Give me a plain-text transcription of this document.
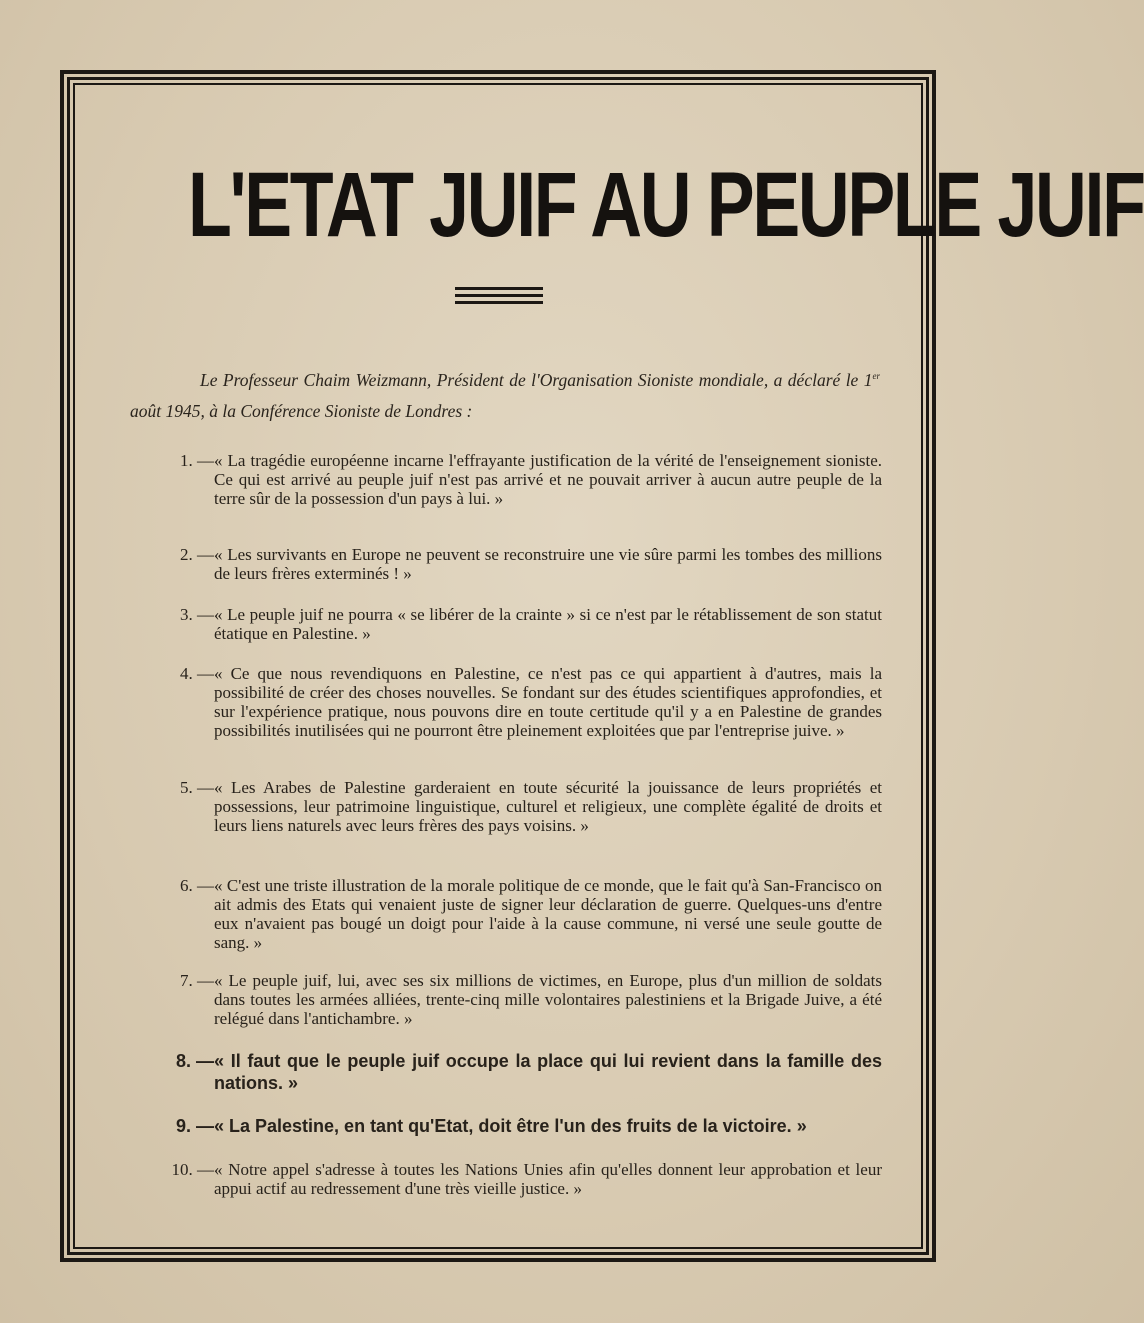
L'ETAT JUIF AU PEUPLE JUIF

Le Professeur Chaim Weizmann, Président de l'Organisation Sioniste mondiale, a déclaré le 1er août 1945, à la Conférence Sioniste de Londres :

1. — « La tragédie européenne incarne l'effrayante justification de la vérité de l'enseignement sioniste. Ce qui est arrivé au peuple juif n'est pas arrivé et ne pouvait arriver à aucun autre peuple de la terre sûr de la possession d'un pays à lui. »
2. — « Les survivants en Europe ne peuvent se reconstruire une vie sûre parmi les tombes des millions de leurs frères exterminés ! »
3. — « Le peuple juif ne pourra « se libérer de la crainte » si ce n'est par le rétablissement de son statut étatique en Palestine. »
4. — « Ce que nous revendiquons en Palestine, ce n'est pas ce qui appartient à d'autres, mais la possibilité de créer des choses nouvelles. Se fondant sur des études scientifiques approfondies, et sur l'expérience pratique, nous pouvons dire en toute certitude qu'il y a en Palestine de grandes possibilités inutilisées qui ne pourront être pleinement exploitées que par l'entreprise juive. »
5. — « Les Arabes de Palestine garderaient en toute sécurité la jouissance de leurs propriétés et possessions, leur patrimoine linguistique, culturel et religieux, une complète égalité de droits et leurs liens naturels avec leurs frères des pays voisins. »
6. — « C'est une triste illustration de la morale politique de ce monde, que le fait qu'à San-Francisco on ait admis des Etats qui venaient juste de signer leur déclaration de guerre. Quelques-uns d'entre eux n'avaient pas bougé un doigt pour l'aide à la cause commune, ni versé une seule goutte de sang. »
7. — « Le peuple juif, lui, avec ses six millions de victimes, en Europe, plus d'un million de soldats dans toutes les armées alliées, trente-cinq mille volontaires palestiniens et la Brigade Juive, a été relégué dans l'antichambre. »
8. — « Il faut que le peuple juif occupe la place qui lui revient dans la famille des nations. »
9. — « La Palestine, en tant qu'Etat, doit être l'un des fruits de la victoire. »
10. — « Notre appel s'adresse à toutes les Nations Unies afin qu'elles donnent leur approbation et leur appui actif au redressement d'une très vieille justice. »
